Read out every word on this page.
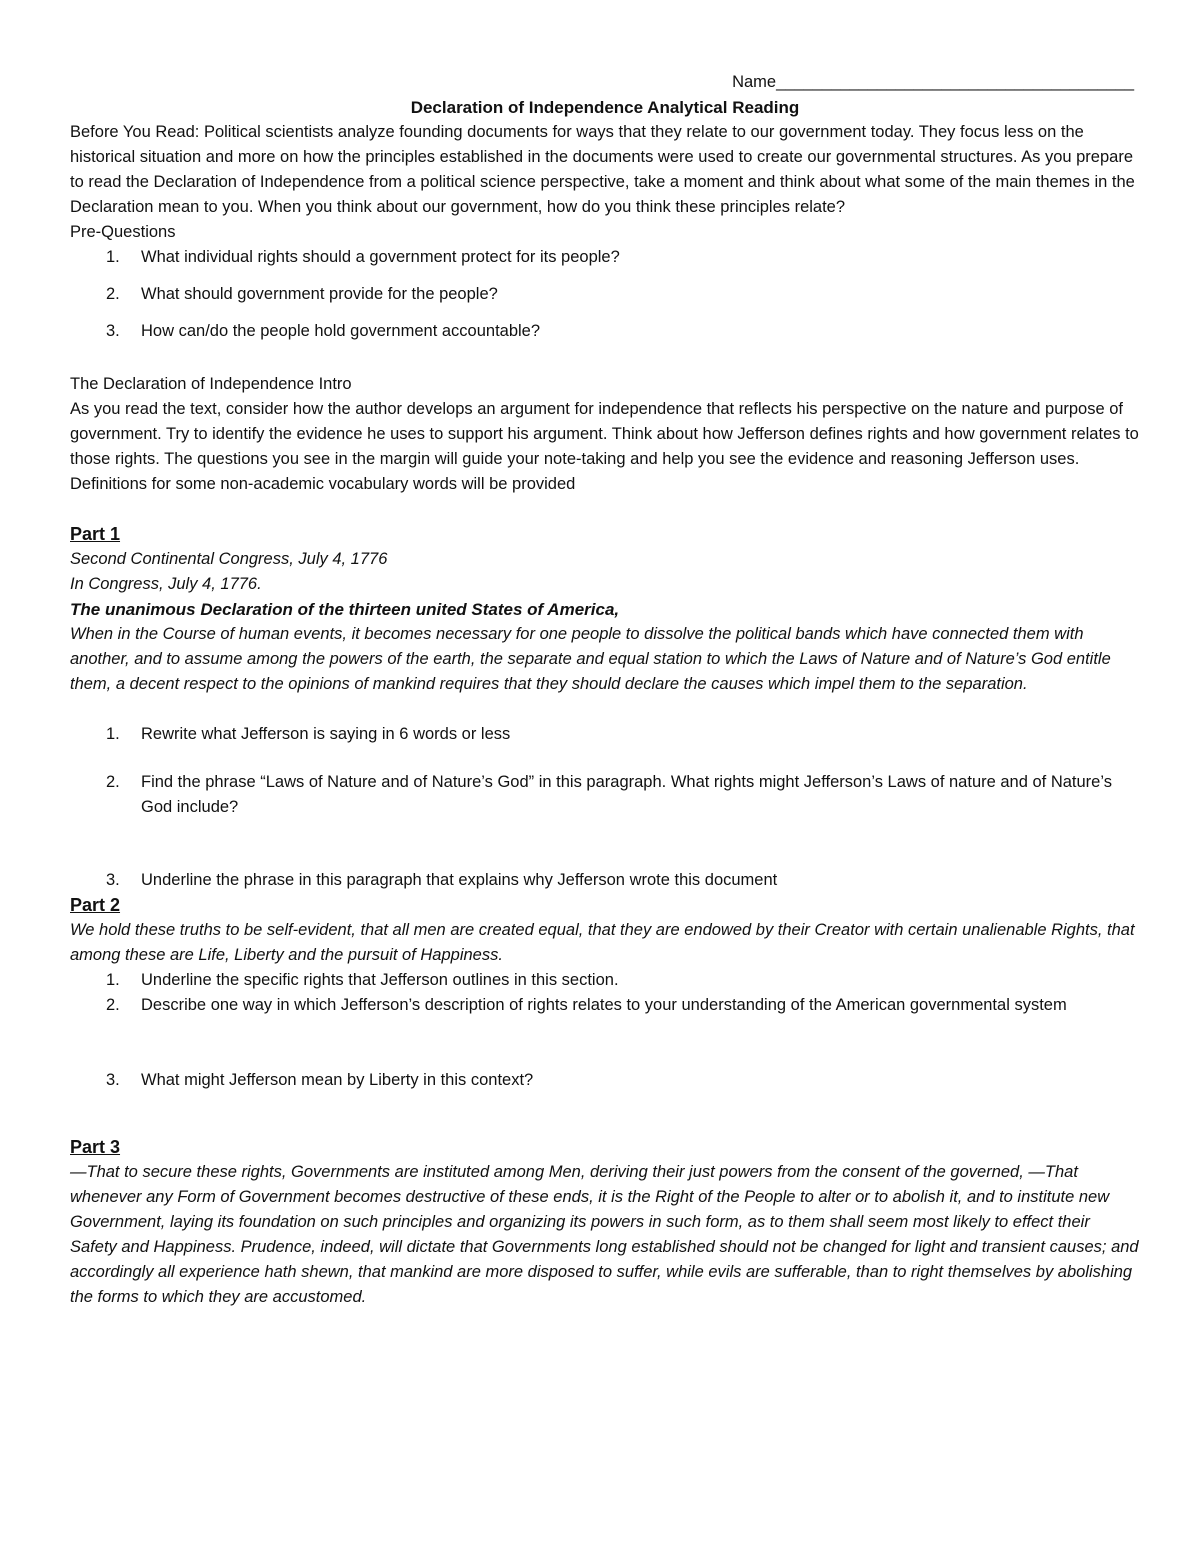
Name_______________________________________
Declaration of Independence Analytical Reading

Before You Read: Political scientists analyze founding documents for ways that they relate to our government today. They focus less on the historical situation and more on how the principles established in the documents were used to create our governmental structures. As you prepare to read the Declaration of Independence from a political science perspective, take a moment and think about what some of the main themes in the Declaration mean to you. When you think about our government, how do you think these principles relate?

Pre-Questions
1. What individual rights should a government protect for its people?
2. What should government provide for the people?
3. How can/do the people hold government accountable?
The Declaration of Independence Intro

As you read the text, consider how the author develops an argument for independence that reflects his perspective on the nature and purpose of government. Try to identify the evidence he uses to support his argument. Think about how Jefferson defines rights and how government relates to those rights. The questions you see in the margin will guide your note-taking and help you see the evidence and reasoning Jefferson uses. Definitions for some non-academic vocabulary words will be provided

Part 1
Second Continental Congress, July 4, 1776
In Congress, July 4, 1776.
The unanimous Declaration of the thirteen united States of America,

When in the Course of human events, it becomes necessary for one people to dissolve the political bands which have connected them with another, and to assume among the powers of the earth, the separate and equal station to which the Laws of Nature and of Nature’s God entitle them, a decent respect to the opinions of mankind requires that they should declare the causes which impel them to the separation.

1. Rewrite what Jefferson is saying in 6 words or less
2. Find the phrase “Laws of Nature and of Nature’s God” in this paragraph. What rights might Jefferson’s Laws of nature and of Nature’s God include?
3. Underline the phrase in this paragraph that explains why Jefferson wrote this document
Part 2

We hold these truths to be self-evident, that all men are created equal, that they are endowed by their Creator with certain unalienable Rights, that among these are Life, Liberty and the pursuit of Happiness.

1. Underline the specific rights that Jefferson outlines in this section.
2. Describe one way in which Jefferson’s description of rights relates to your understanding of the American governmental system
3. What might Jefferson mean by Liberty in this context?
Part 3

—That to secure these rights, Governments are instituted among Men, deriving their just powers from the consent of the governed, —That whenever any Form of Government becomes destructive of these ends, it is the Right of the People to alter or to abolish it, and to institute new Government, laying its foundation on such principles and organizing its powers in such form, as to them shall seem most likely to effect their Safety and Happiness. Prudence, indeed, will dictate that Governments long established should not be changed for light and transient causes; and accordingly all experience hath shewn, that mankind are more disposed to suffer, while evils are sufferable, than to right themselves by abolishing the forms to which they are accustomed.
